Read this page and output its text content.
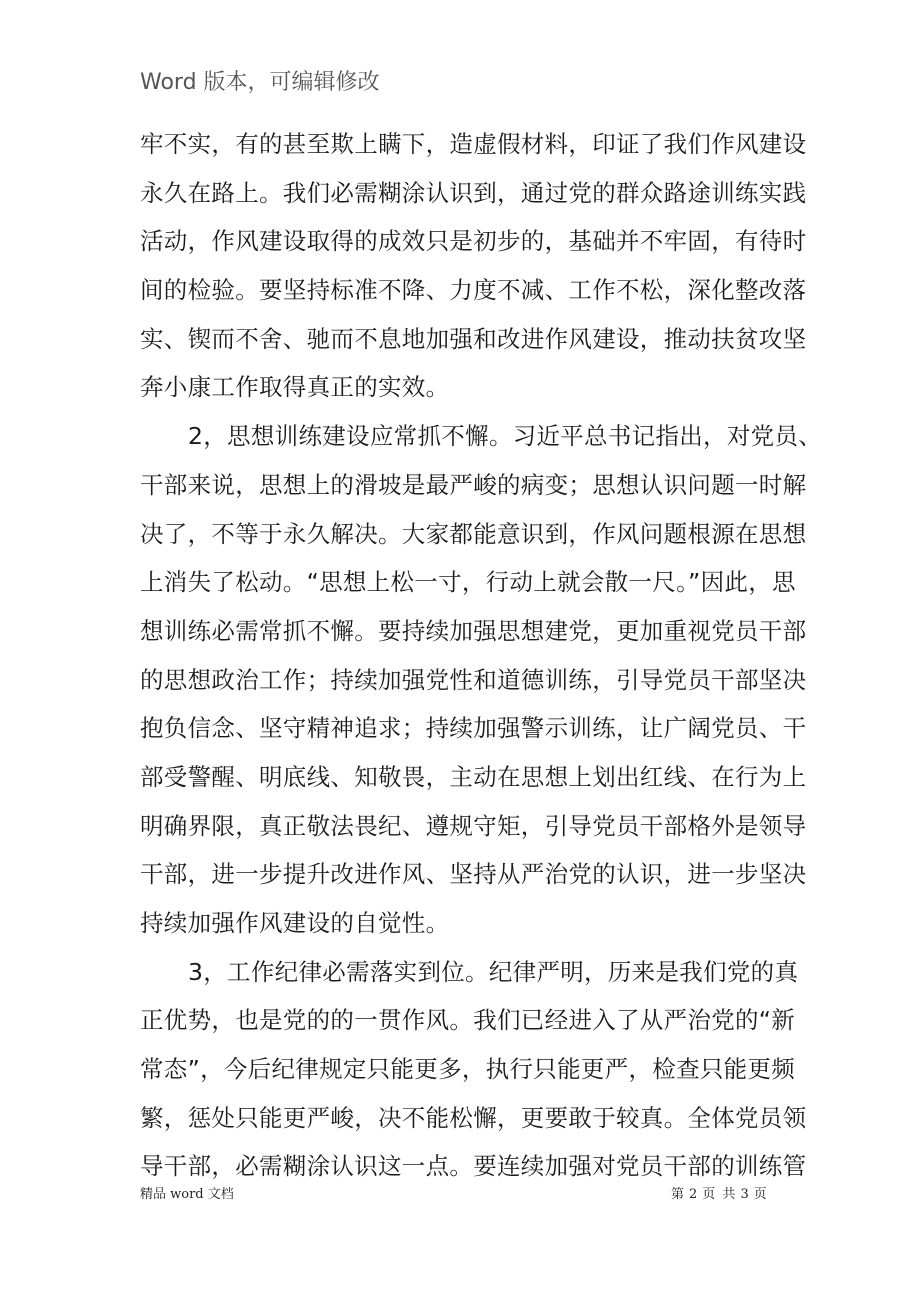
Word 版本，可编辑修改
牢不实，有的甚至欺上瞒下，造虚假材料，印证了我们作风建设
永久在路上。我们必需糊涂认识到，通过党的群众路途训练实践
活动，作风建设取得的成效只是初步的，基础并不牢固，有待时
间的检验。要坚持标准不降、力度不减、工作不松，深化整改落
实、锲而不舍、驰而不息地加强和改进作风建设，推动扶贫攻坚
奔小康工作取得真正的实效。
2，思想训练建设应常抓不懈。习近平总书记指出，对党员、
干部来说，思想上的滑坡是最严峻的病变；思想认识问题一时解
决了，不等于永久解决。大家都能意识到，作风问题根源在思想
上消失了松动。“思想上松一寸，行动上就会散一尺。”因此，思
想训练必需常抓不懈。要持续加强思想建党，更加重视党员干部
的思想政治工作；持续加强党性和道德训练，引导党员干部坚决
抱负信念、坚守精神追求；持续加强警示训练，让广阔党员、干
部受警醒、明底线、知敬畏，主动在思想上划出红线、在行为上
明确界限，真正敬法畏纪、遵规守矩，引导党员干部格外是领导
干部，进一步提升改进作风、坚持从严治党的认识，进一步坚决
持续加强作风建设的自觉性。
3，工作纪律必需落实到位。纪律严明，历来是我们党的真
正优势，也是党的的一贯作风。我们已经进入了从严治党的“新
常态”，今后纪律规定只能更多，执行只能更严，检查只能更频
繁，惩处只能更严峻，决不能松懈，更要敢于较真。全体党员领
导干部，必需糊涂认识这一点。要连续加强对党员干部的训练管
精品 word 文档	第 2 页 共 3 页
